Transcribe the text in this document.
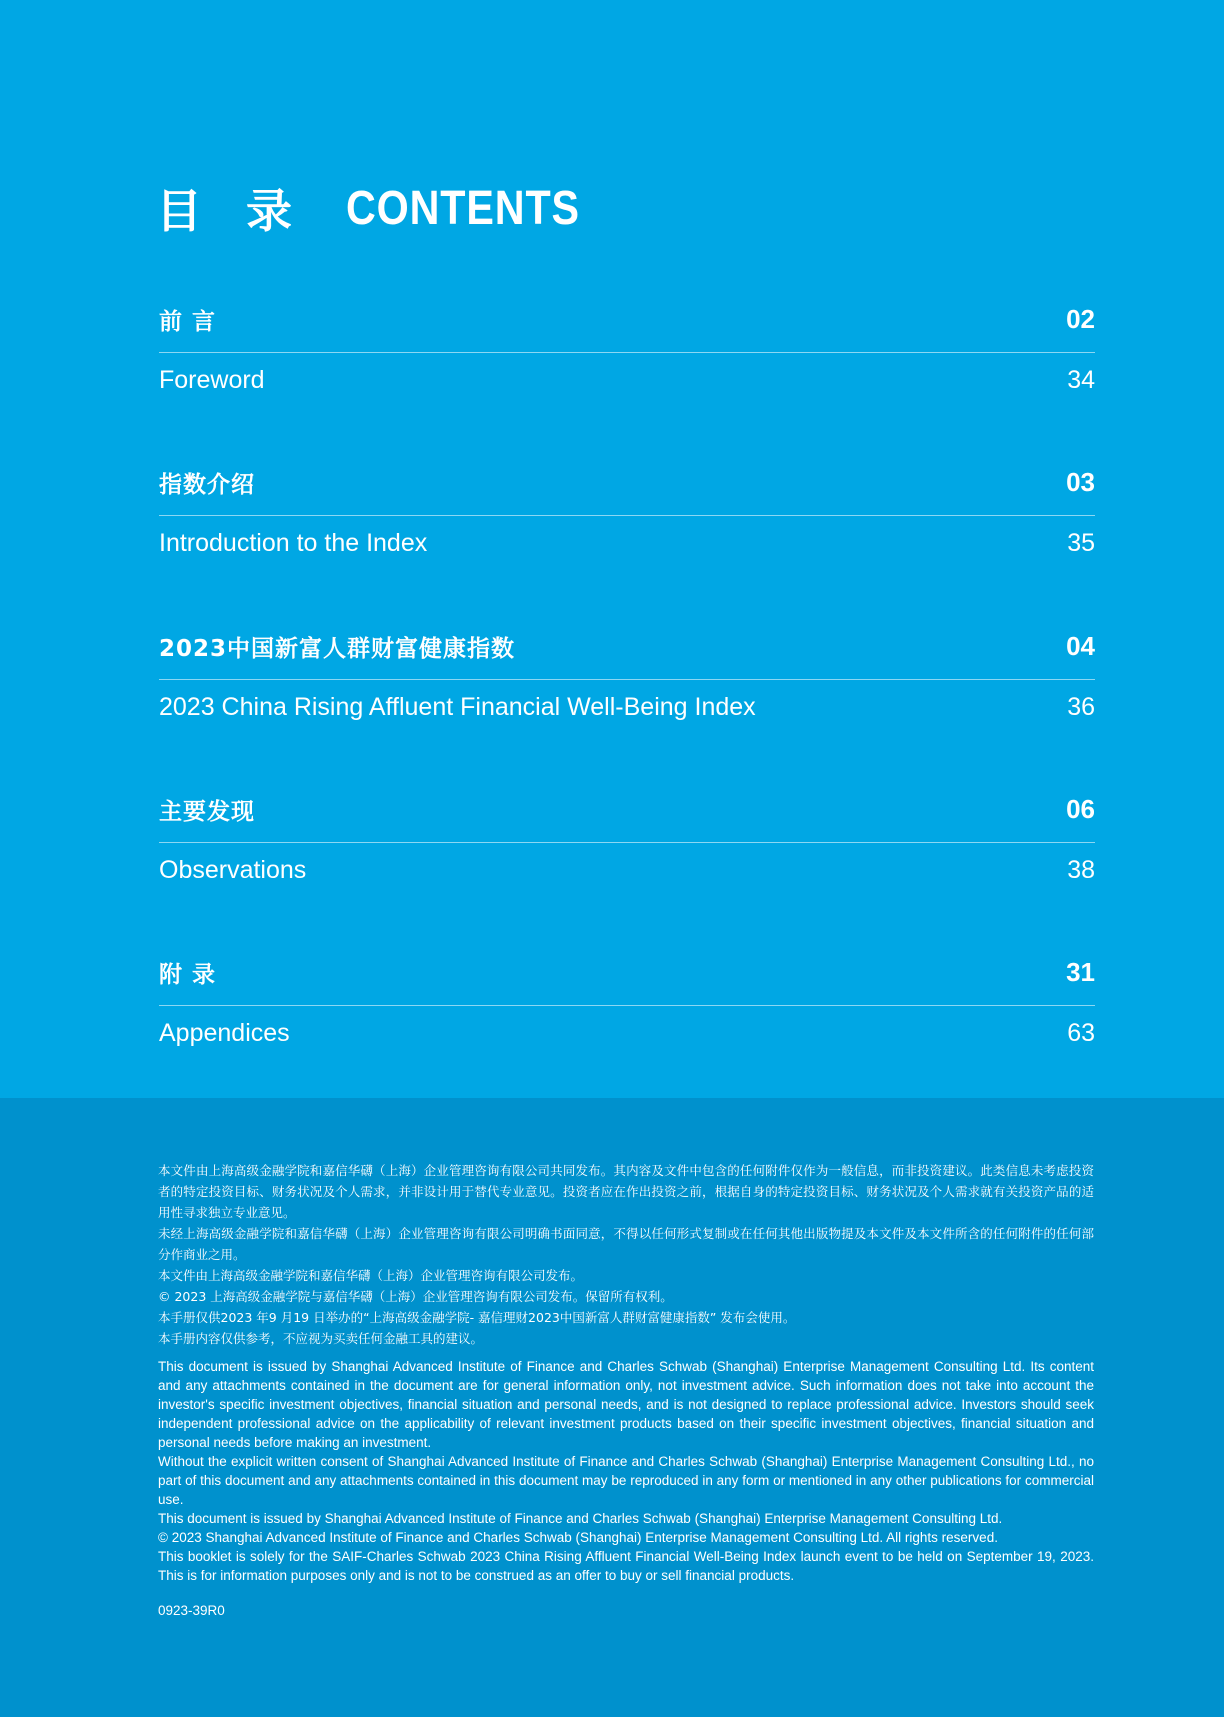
目 录 CONTENTS
前 言	02
Foreword	34
指数介绍	03
Introduction to the Index	35
2023中国新富人群财富健康指数	04
2023 China Rising Affluent Financial Well-Being Index	36
主要发现	06
Observations	38
附 录	31
Appendices	63

本文件由上海高级金融学院和嘉信华礴（上海）企业管理咨询有限公司共同发布。其内容及文件中包含的任何附件仅作为一般信息，而非投资建议。此类信息未考虑投资者的特定投资目标、财务状况及个人需求，并非设计用于替代专业意见。投资者应在作出投资之前，根据自身的特定投资目标、财务状况及个人需求就有关投资产品的适用性寻求独立专业意见。

未经上海高级金融学院和嘉信华礴（上海）企业管理咨询有限公司明确书面同意，不得以任何形式复制或在任何其他出版物提及本文件及本文件所含的任何附件的任何部分作商业之用。

本文件由上海高级金融学院和嘉信华礴（上海）企业管理咨询有限公司发布。

© 2023 上海高级金融学院与嘉信华礴（上海）企业管理咨询有限公司发布。保留所有权利。

本手册仅供2023 年9 月19 日举办的“上海高级金融学院- 嘉信理财2023中国新富人群财富健康指数” 发布会使用。

本手册内容仅供参考，不应视为买卖任何金融工具的建议。

This document is issued by Shanghai Advanced Institute of Finance and Charles Schwab (Shanghai) Enterprise Management Consulting Ltd. Its content and any attachments contained in the document are for general information only, not investment advice. Such information does not take into account the investor's specific investment objectives, financial situation and personal needs, and is not designed to replace professional advice. Investors should seek independent professional advice on the applicability of relevant investment products based on their specific investment objectives, financial situation and personal needs before making an investment.

Without the explicit written consent of Shanghai Advanced Institute of Finance and Charles Schwab (Shanghai) Enterprise Management Consulting Ltd., no part of this document and any attachments contained in this document may be reproduced in any form or mentioned in any other publications for commercial use.

This document is issued by Shanghai Advanced Institute of Finance and Charles Schwab (Shanghai) Enterprise Management Consulting Ltd.

© 2023 Shanghai Advanced Institute of Finance and Charles Schwab (Shanghai) Enterprise Management Consulting Ltd. All rights reserved.

This booklet is solely for the SAIF-Charles Schwab 2023 China Rising Affluent Financial Well-Being Index launch event to be held on September 19, 2023. This is for information purposes only and is not to be construed as an offer to buy or sell financial products.

0923-39R0
